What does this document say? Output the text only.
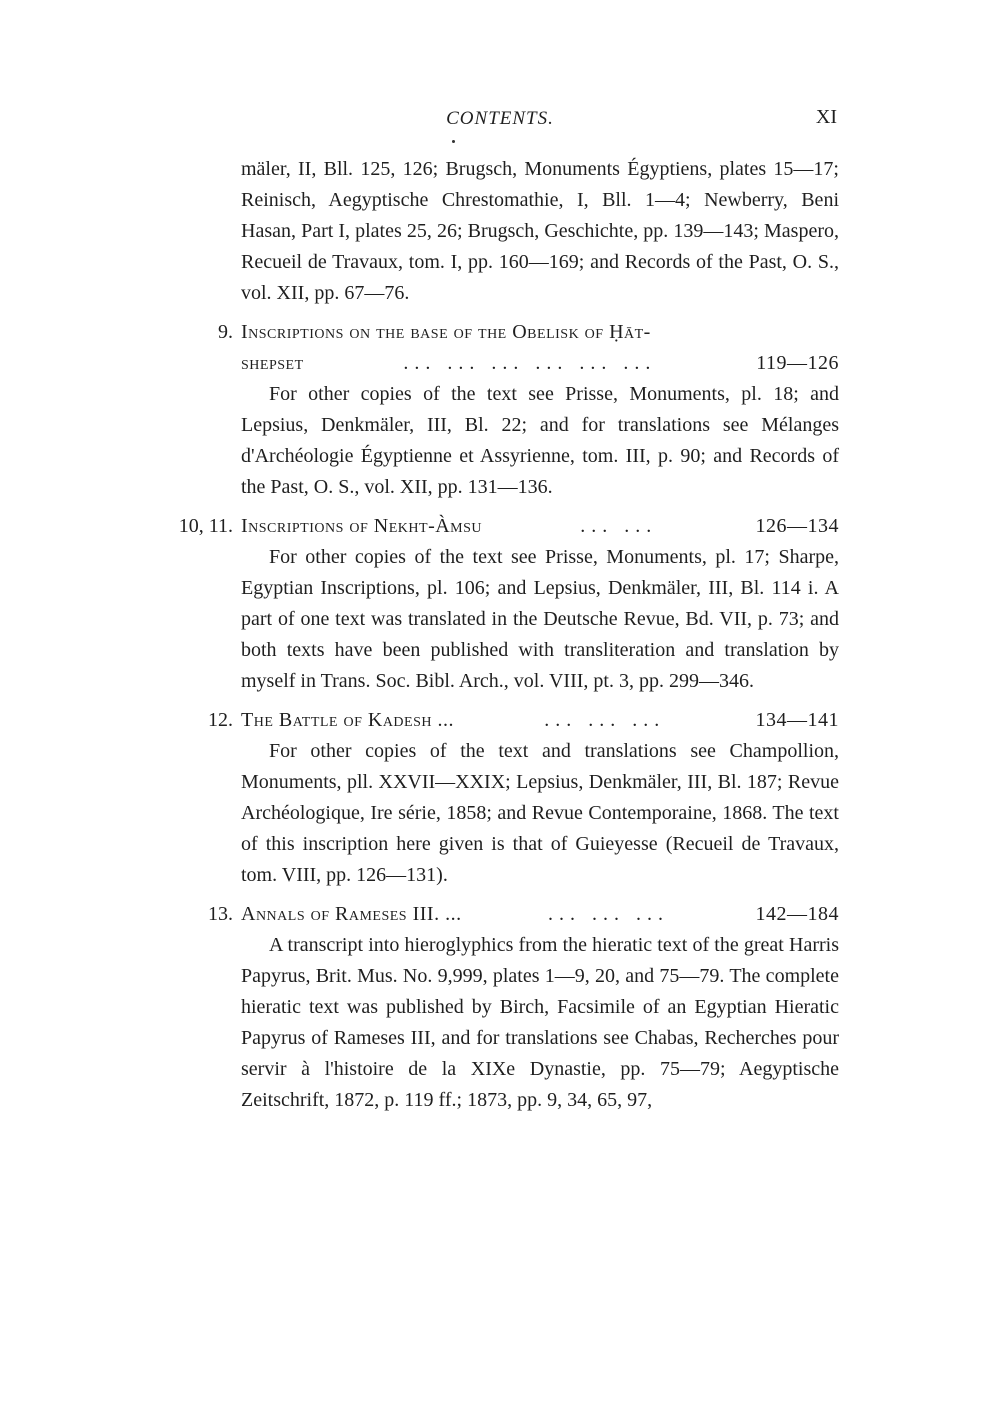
CONTENTS.	XI

mäler, II, Bll. 125, 126; Brugsch, Monuments Égyptiens, plates 15—17; Reinisch, Aegyptische Chrestomathie, I, Bll. 1—4; Newberry, Beni Hasan, Part I, plates 25, 26; Brugsch, Geschichte, pp. 139—143; Maspero, Recueil de Travaux, tom. I, pp. 160—169; and Records of the Past, O. S., vol. XII, pp. 67—76.

9. Inscriptions on the base of the Obelisk of Ḥāt-
shepset	... ... ... ... ... ...	119—126

For other copies of the text see Prisse, Monuments, pl. 18; and Lepsius, Denkmäler, III, Bl. 22; and for translations see Mélanges d'Archéologie Égyptienne et Assyrienne, tom. III, p. 90; and Records of the Past, O. S., vol. XII, pp. 131—136.

10, 11. Inscriptions of Nekht-Àmsu	... ...	126—134

For other copies of the text see Prisse, Monuments, pl. 17; Sharpe, Egyptian Inscriptions, pl. 106; and Lepsius, Denkmäler, III, Bl. 114 i. A part of one text was translated in the Deutsche Revue, Bd. VII, p. 73; and both texts have been published with transliteration and translation by myself in Trans. Soc. Bibl. Arch., vol. VIII, pt. 3, pp. 299—346.

12. The Battle of Kadesh ...	... ... ...	134—141

For other copies of the text and translations see Champollion, Monuments, pll. XXVII—XXIX; Lepsius, Denkmäler, III, Bl. 187; Revue Archéologique, Ire série, 1858; and Revue Contemporaine, 1868. The text of this inscription here given is that of Guieyesse (Recueil de Travaux, tom. VIII, pp. 126—131).

13. Annals of Rameses III. ...	... ... ...	142—184

A transcript into hieroglyphics from the hieratic text of the great Harris Papyrus, Brit. Mus. No. 9,999, plates 1—9, 20, and 75—79. The complete hieratic text was published by Birch, Facsimile of an Egyptian Hieratic Papyrus of Rameses III, and for translations see Chabas, Recherches pour servir à l'histoire de la XIXe Dynastie, pp. 75—79; Aegyptische Zeitschrift, 1872, p. 119 ff.; 1873, pp. 9, 34, 65, 97,
